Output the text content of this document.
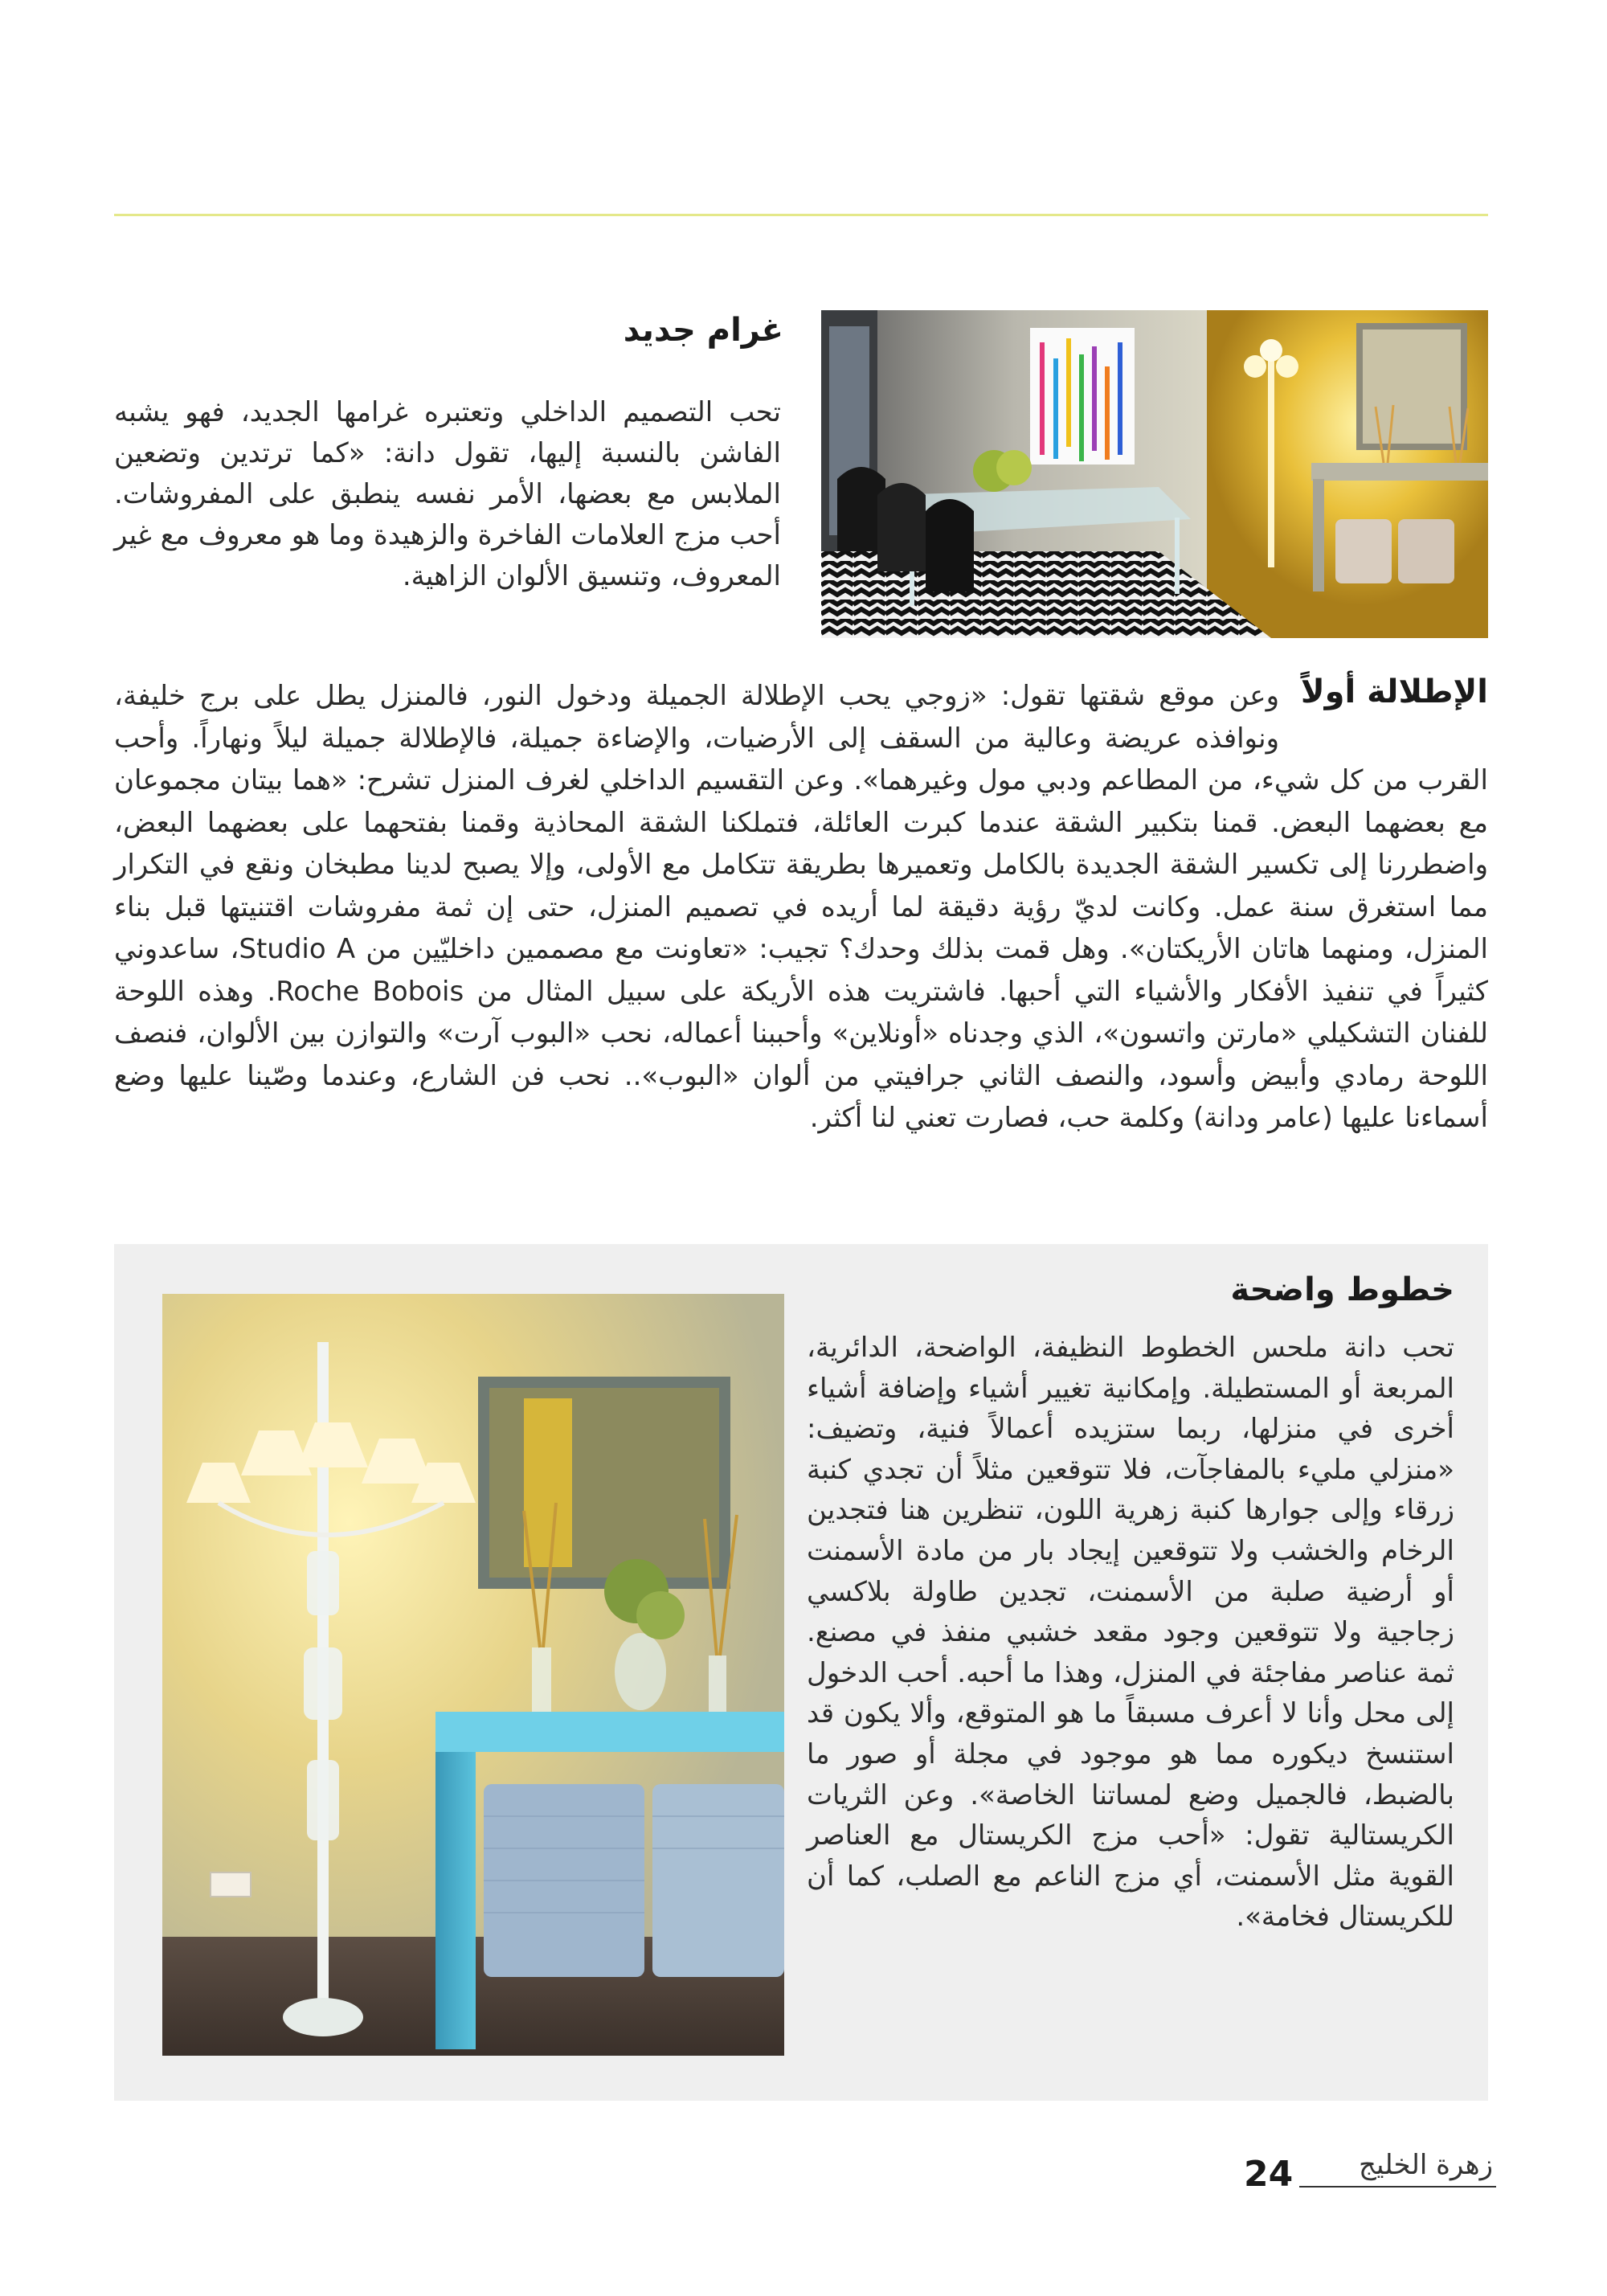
غرام جديد

تحب التصميم الداخلي وتعتبره غرامها الجديد، فهو يشبه الفاشن بالنسبة إليها، تقول دانة: «كما ترتدين وتضعين الملابس مع بعضها، الأمر نفسه ينطبق على المفروشات. أحب مزج العلامات الفاخرة والزهيدة وما هو معروف مع غير المعروف، وتنسيق الألوان الزاهية.

الإطلالة أولاً

وعن موقع شقتها تقول: «زوجي يحب الإطلالة الجميلة ودخول النور، فالمنزل يطل على برج خليفة، ونوافذه عريضة وعالية من السقف إلى الأرضيات، والإضاءة جميلة، فالإطلالة جميلة ليلاً ونهاراً. وأحب القرب من كل شيء، من المطاعم ودبي مول وغيرهما». وعن التقسيم الداخلي لغرف المنزل تشرح: «هما بيتان مجموعان مع بعضهما البعض. قمنا بتكبير الشقة عندما كبرت العائلة، فتملكنا الشقة المحاذية وقمنا بفتحهما على بعضهما البعض، واضطررنا إلى تكسير الشقة الجديدة بالكامل وتعميرها بطريقة تتكامل مع الأولى، وإلا يصبح لدينا مطبخان ونقع في التكرار مما استغرق سنة عمل. وكانت لديّ رؤية دقيقة لما أريده في تصميم المنزل، حتى إن ثمة مفروشات اقتنيتها قبل بناء المنزل، ومنهما هاتان الأريكتان». وهل قمت بذلك وحدك؟ تجيب: «تعاونت مع مصممين داخليّين من Studio A، ساعدوني كثيراً في تنفيذ الأفكار والأشياء التي أحبها. فاشتريت هذه الأريكة على سبيل المثال من Roche Bobois. وهذه اللوحة للفنان التشكيلي «مارتن واتسون»، الذي وجدناه «أونلاين» وأحببنا أعماله، نحب «البوب آرت» والتوازن بين الألوان، فنصف اللوحة رمادي وأبيض وأسود، والنصف الثاني جرافيتي من ألوان «البوب».. نحب فن الشارع، وعندما وصّينا عليها وضع أسماءنا عليها (عامر ودانة) وكلمة حب، فصارت تعني لنا أكثر.

خطوط واضحة

تحب دانة ملحس الخطوط النظيفة، الواضحة، الدائرية، المربعة أو المستطيلة. وإمكانية تغيير أشياء وإضافة أشياء أخرى في منزلها، ربما ستزيده أعمالاً فنية، وتضيف: «منزلي مليء بالمفاجآت، فلا تتوقعين مثلاً أن تجدي كنبة زرقاء وإلى جوارها كنبة زهرية اللون، تنظرين هنا فتجدين الرخام والخشب ولا تتوقعين إيجاد بار من مادة الأسمنت أو أرضية صلبة من الأسمنت، تجدين طاولة بلاكسي زجاجية ولا تتوقعين وجود مقعد خشبي منفذ في مصنع. ثمة عناصر مفاجئة في المنزل، وهذا ما أحبه. أحب الدخول إلى محل وأنا لا أعرف مسبقاً ما هو المتوقع، وألا يكون قد استنسخ ديكوره مما هو موجود في مجلة أو صور ما بالضبط، فالجميل وضع لمساتنا الخاصة». وعن الثريات الكريستالية تقول: «أحب مزج الكريستال مع العناصر القوية مثل الأسمنت، أي مزج الناعم مع الصلب، كما أن للكريستال فخامة».

24 زهرة الخليج
